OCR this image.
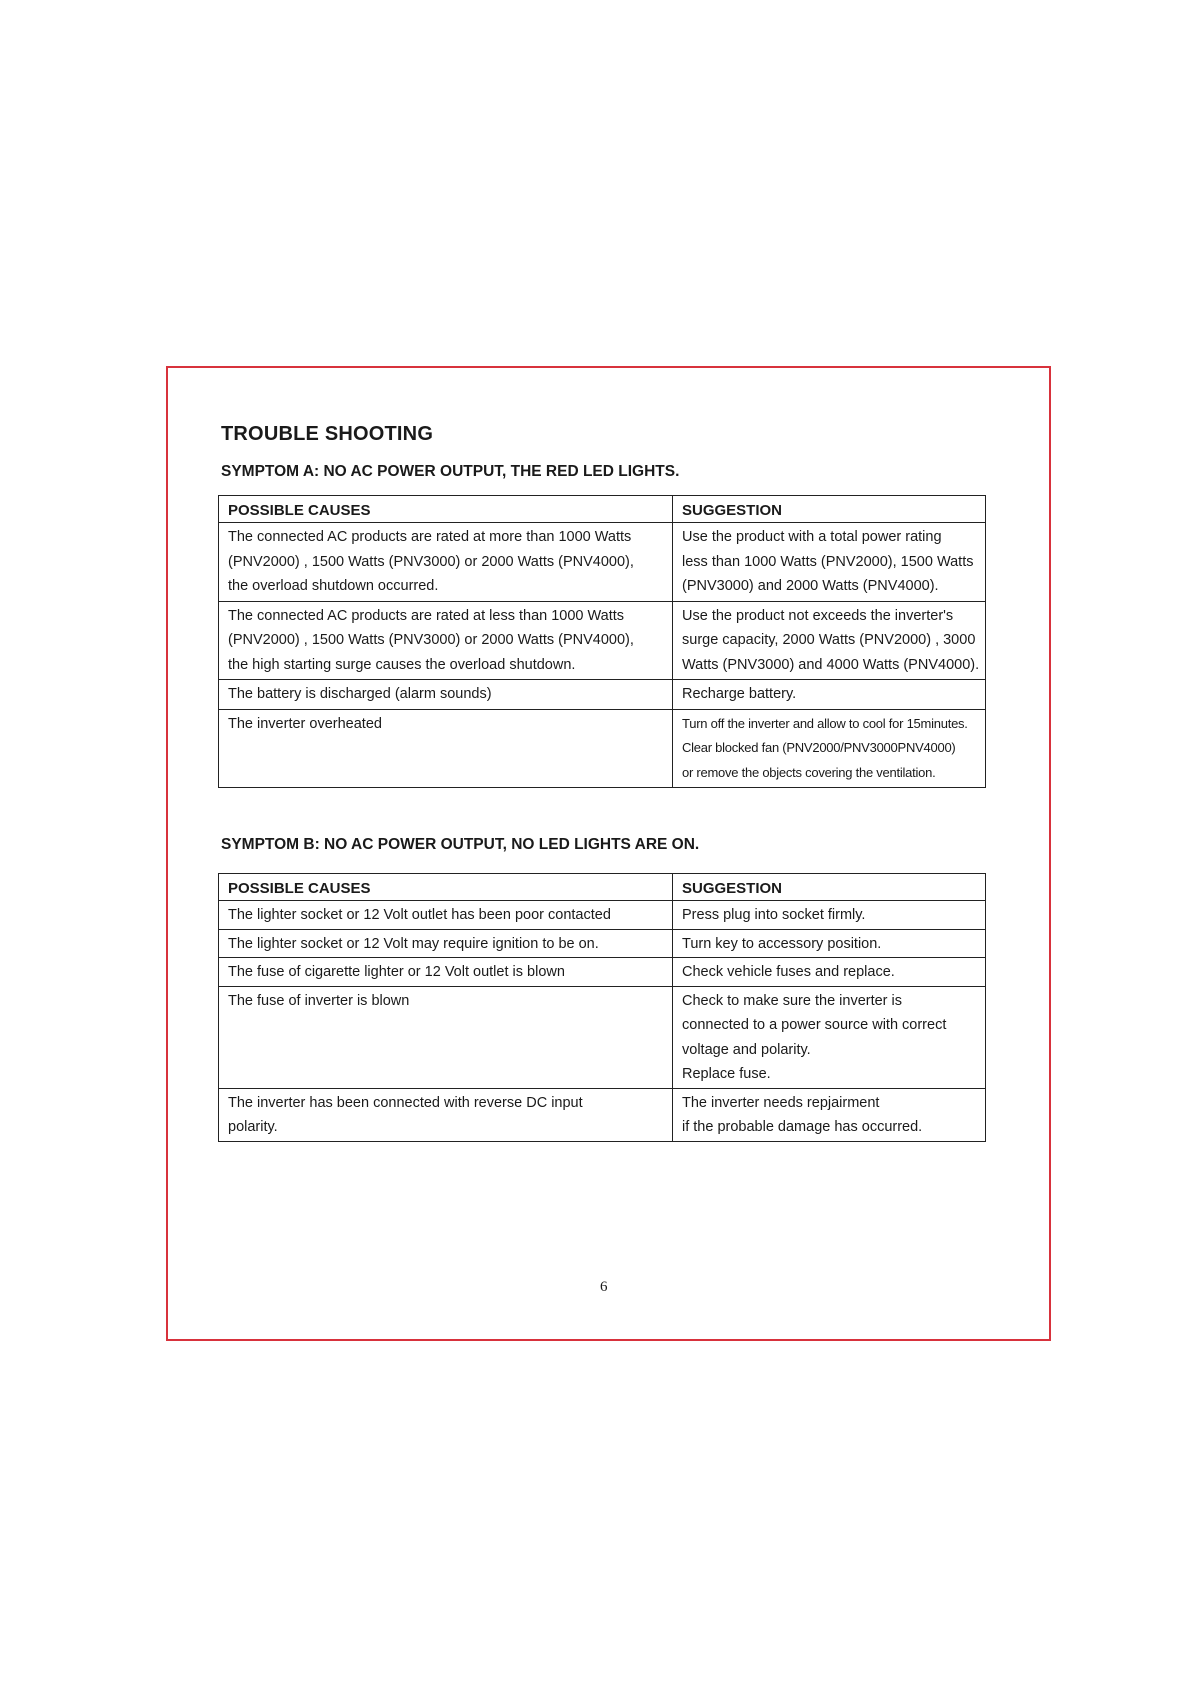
TROUBLE SHOOTING
SYMPTOM A: NO AC POWER OUTPUT, THE RED LED LIGHTS.
POSSIBLE CAUSES	SUGGESTION

The connected AC products are rated at more than 1000 Watts
(PNV2000) , 1500 Watts (PNV3000) or 2000 Watts (PNV4000),
the overload shutdown occurred.	Use the product with a total power rating
less than 1000 Watts (PNV2000), 1500 Watts
(PNV3000) and 2000 Watts (PNV4000).

The connected AC products are rated at less than 1000 Watts
(PNV2000) , 1500 Watts (PNV3000) or 2000 Watts (PNV4000),
the high starting surge causes the overload shutdown.	Use the product not exceeds the inverter's
surge capacity, 2000 Watts (PNV2000) , 3000
Watts (PNV3000) and 4000 Watts (PNV4000).

The battery is discharged (alarm sounds)	Recharge battery.

The inverter overheated	Turn off the inverter and allow to cool for 15minutes.
Clear blocked fan (PNV2000/PNV3000PNV4000)
or remove the objects covering the ventilation.
SYMPTOM B: NO AC POWER OUTPUT, NO LED LIGHTS ARE ON.
POSSIBLE CAUSES	SUGGESTION

The lighter socket or 12 Volt outlet has been poor contacted	Press plug into socket firmly.

The lighter socket or 12 Volt may require ignition to be on.	Turn key to accessory position.

The fuse of cigarette lighter or 12 Volt outlet is blown	Check vehicle fuses and replace.

The fuse of inverter is blown	Check to make sure the inverter is
connected to a power source with correct
voltage and polarity.
Replace fuse.

The inverter has been connected with reverse DC input
polarity.	The inverter needs repjairment
if the probable damage has occurred.
6
